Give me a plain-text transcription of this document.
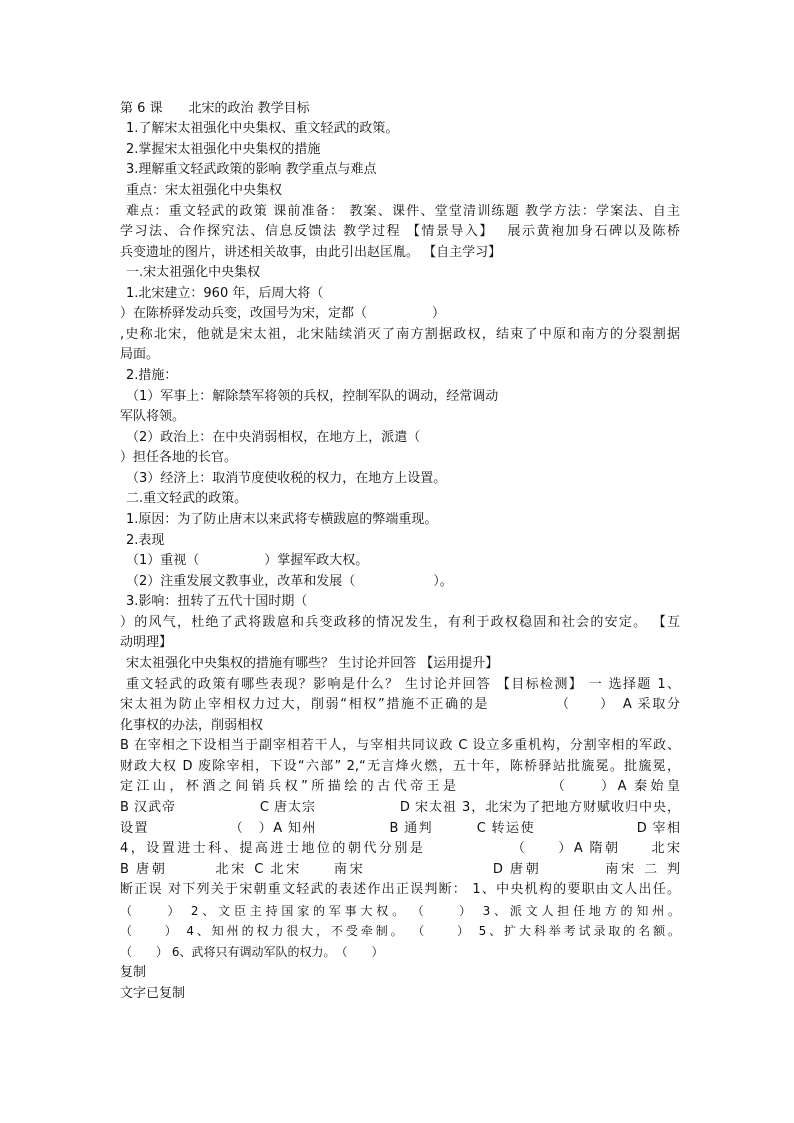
第 6 课　　北宋的政治 教学目标
1.了解宋太祖强化中央集权、重文轻武的政策。
2.掌握宋太祖强化中央集权的措施
3.理解重文轻武政策的影响 教学重点与难点
重点：宋太祖强化中央集权
难点：重文轻武的政策 课前准备： 教案、课件、堂堂清训练题 教学方法：学案法、自主
学习法、合作探究法、信息反馈法 教学过程 【情景导入】　 展示黄袍加身石碑以及陈桥
兵变遗址的图片，讲述相关故事，由此引出赵匡胤。 【自主学习】
一.宋太祖强化中央集权
1.北宋建立：960 年，后周大将（
）在陈桥驿发动兵变，改国号为宋，定都（　　　　　）
,史称北宋，他就是宋太祖，北宋陆续消灭了南方割据政权，结束了中原和南方的分裂割据
局面。
2.措施：
（1）军事上：解除禁军将领的兵权，控制军队的调动，经常调动
军队将领。
（2）政治上：在中央消弱相权，在地方上，派遣（
）担任各地的长官。
（3）经济上：取消节度使收税的权力，在地方上设置。
二.重文轻武的政策。
1.原因：为了防止唐末以来武将专横跋扈的弊端重现。
2.表现
（1）重视（　　　　　）掌握军政大权。
（2）注重发展文教事业，改革和发展（　　　　　　）。
3.影响：扭转了五代十国时期（
）的风气，杜绝了武将跋扈和兵变政移的情况发生，有利于政权稳固和社会的安定。 【互
动明理】
宋太祖强化中央集权的措施有哪些？ 生讨论并回答 【运用提升】
重文轻武的政策有哪些表现？影响是什么？ 生讨论并回答 【目标检测】 一 选择题 1、
宋太祖为防止宰相权力过大，削弱“相权”措施不正确的是　　　　　（　　）　A 采取分
化事权的办法，削弱相权
B 在宰相之下设相当于副宰相若干人，与宰相共同议政 C 设立多重机构，分割宰相的军政、
财政大权 D 废除宰相，下设“六部” 2,“无言烽火燃，五十年，陈桥驿站批旒冕。批旒冕，
定江山，杯酒之间销兵权”所描绘的古代帝王是　　　　　　（　　）A 秦始皇
B 汉武帝　　　　　　C 唐太宗　　　　　　D 宋太祖 3，北宋为了把地方财赋收归中央，
设置　　　　　　（　）A 知州　　　　　B 通判　　　C 转运使　　　　　　　D 宰相
4，设置进士科、提高进士地位的朝代分别是　　　　　　（　　）A 隋朝　　北宋
B 唐朝　　　北宋 C 北宋　　南宋　　　　　　　　D 唐朝　　　　南宋 二 判
断正误 对下列关于宋朝重文轻武的表述作出正误判断： 1、中央机构的要职由文人出任。
（　　） 2、文臣主持国家的军事大权。　（　　） 3、派文人担任地方的知州。
（　　） 4、知州的权力很大，不受牵制。 （　　） 5、扩大科举考试录取的名额。
（　　） 6、武将只有调动军队的权力。　（　　）
复制
文字已复制
